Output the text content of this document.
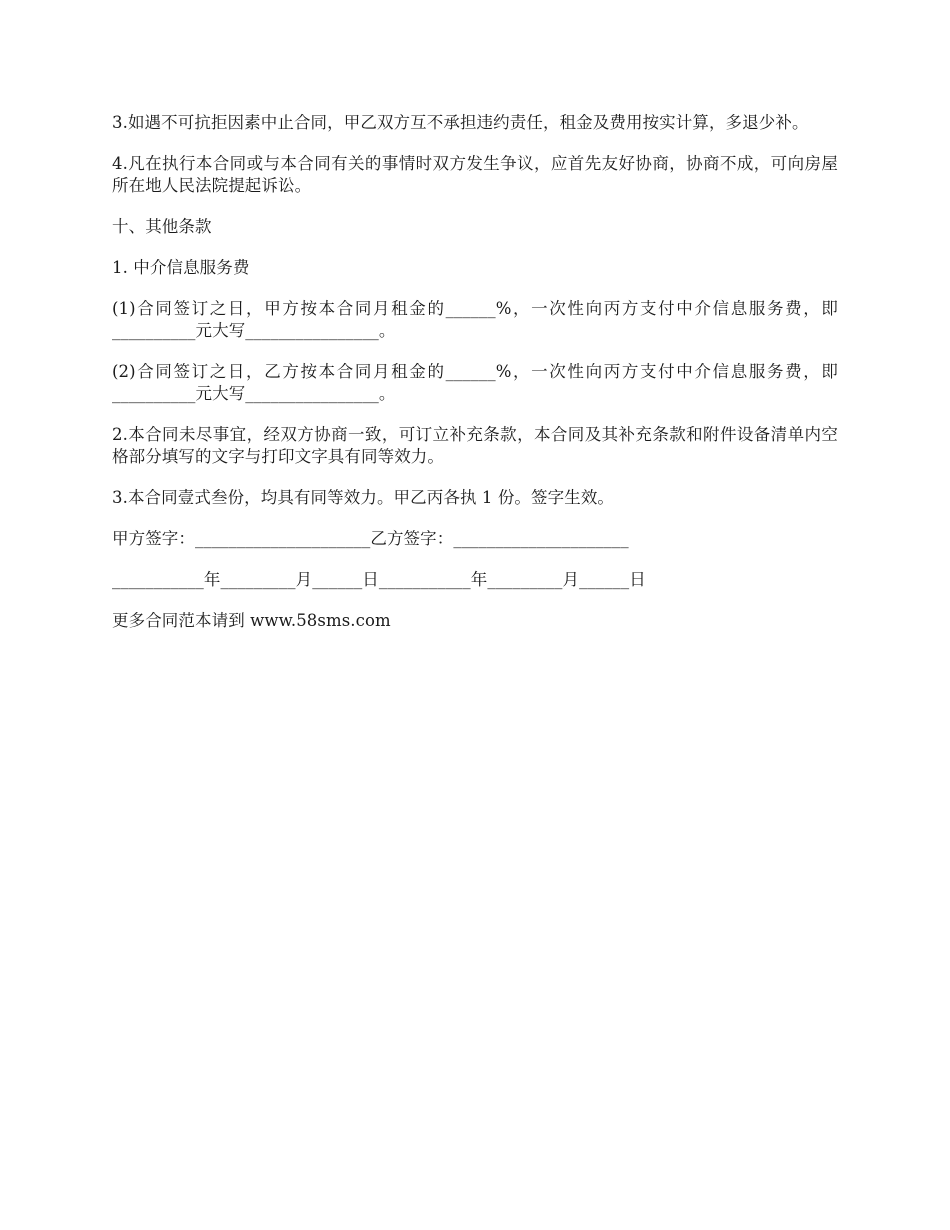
3.如遇不可抗拒因素中止合同，甲乙双方互不承担违约责任，租金及费用按实计算，多退少补。

4.凡在执行本合同或与本合同有关的事情时双方发生争议，应首先友好协商，协商不成，可向房屋所在地人民法院提起诉讼。

十、其他条款

1. 中介信息服务费

(1)合同签订之日，甲方按本合同月租金的______%，一次性向丙方支付中介信息服务费，即__________元大写________________。

(2)合同签订之日，乙方按本合同月租金的______%，一次性向丙方支付中介信息服务费，即__________元大写________________。

2.本合同未尽事宜，经双方协商一致，可订立补充条款，本合同及其补充条款和附件设备清单内空格部分填写的文字与打印文字具有同等效力。

3.本合同壹式叁份，均具有同等效力。甲乙丙各执 1 份。签字生效。

甲方签字：_____________________乙方签字：_____________________

___________年_________月______日___________年_________月______日

更多合同范本请到 www.58sms.com
